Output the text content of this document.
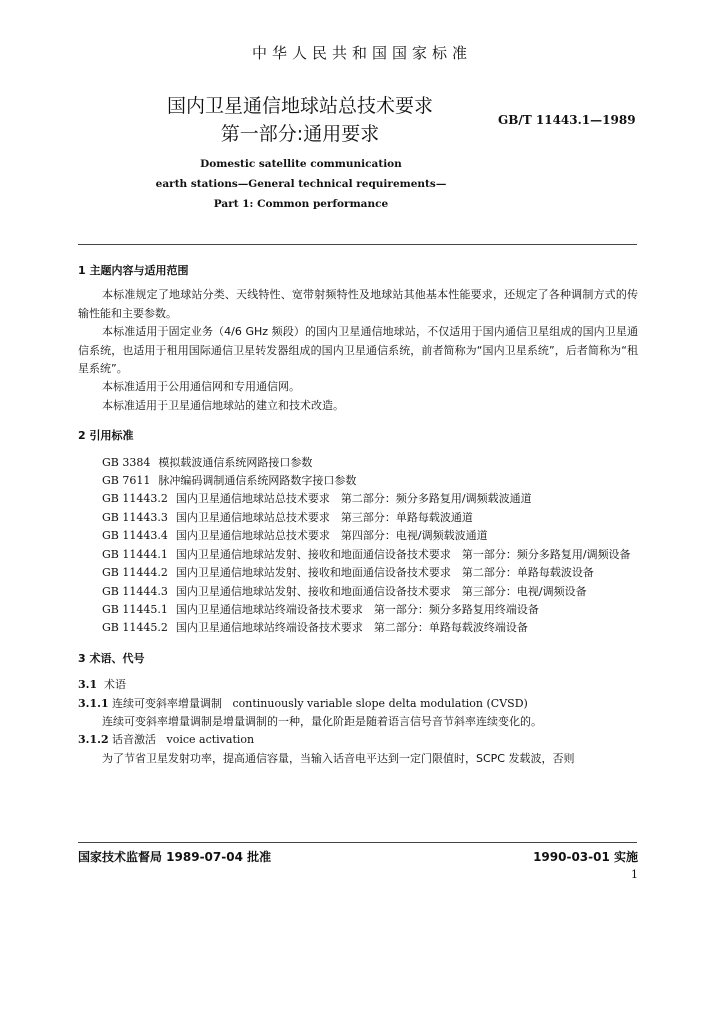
中华人民共和国国家标准
国内卫星通信地球站总技术要求
第一部分:通用要求
GB/T 11443.1—1989
Domestic satellite communication
earth stations—General technical requirements—
Part 1: Common performance

1 主题内容与适用范围

本标准规定了地球站分类、天线特性、宽带射频特性及地球站其他基本性能要求，还规定了各种调制方式的传输性能和主要参数。

本标准适用于固定业务（4/6 GHz 频段）的国内卫星通信地球站，不仅适用于国内通信卫星组成的国内卫星通信系统，也适用于租用国际通信卫星转发器组成的国内卫星通信系统，前者简称为“国内卫星系统”，后者简称为“租星系统”。

本标准适用于公用通信网和专用通信网。

本标准适用于卫星通信地球站的建立和技术改造。

2 引用标准

GB 3384 模拟载波通信系统网路接口参数

GB 7611 脉冲编码调制通信系统网路数字接口参数

GB 11443.2 国内卫星通信地球站总技术要求　第二部分：频分多路复用/调频载波通道

GB 11443.3 国内卫星通信地球站总技术要求　第三部分：单路每载波通道

GB 11443.4 国内卫星通信地球站总技术要求　第四部分：电视/调频载波通道

GB 11444.1 国内卫星通信地球站发射、接收和地面通信设备技术要求　第一部分：频分多路复用/调频设备

GB 11444.2 国内卫星通信地球站发射、接收和地面通信设备技术要求　第二部分：单路每载波设备

GB 11444.3 国内卫星通信地球站发射、接收和地面通信设备技术要求　第三部分：电视/调频设备

GB 11445.1 国内卫星通信地球站终端设备技术要求　第一部分：频分多路复用终端设备

GB 11445.2 国内卫星通信地球站终端设备技术要求　第二部分：单路每载波终端设备

3 术语、代号

3.1 术语

3.1.1 连续可变斜率增量调制 continuously variable slope delta modulation (CVSD)

连续可变斜率增量调制是增量调制的一种，量化阶距是随着语言信号音节斜率连续变化的。

3.1.2 话音激活 voice activation

为了节省卫星发射功率，提高通信容量，当输入话音电平达到一定门限值时，SCPC 发载波，否则

国家技术监督局 1989-07-04 批准	1990-03-01 实施
1
